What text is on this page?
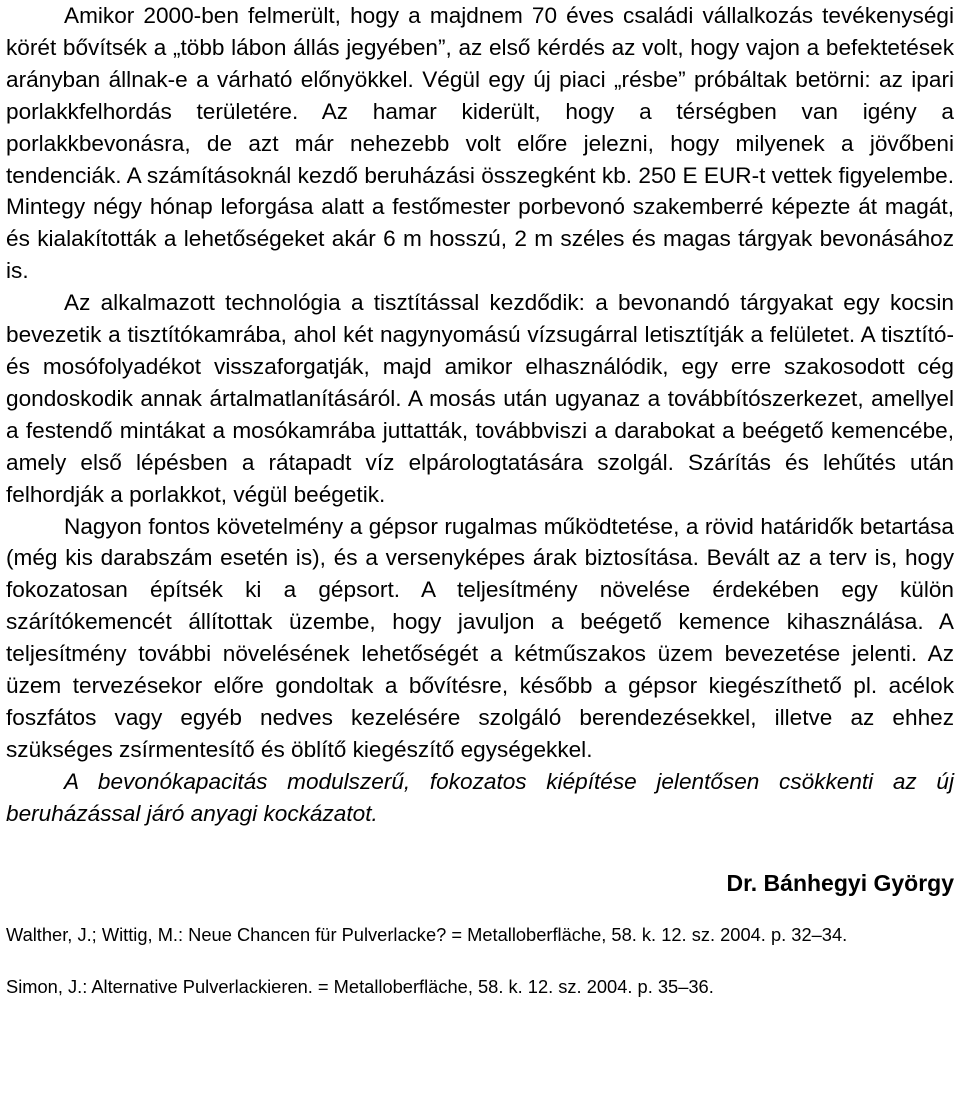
Amikor 2000-ben felmerült, hogy a majdnem 70 éves családi vállalkozás tevékenységi körét bővítsék a „több lábon állás jegyében”, az első kérdés az volt, hogy vajon a befektetések arányban állnak-e a várható előnyökkel. Végül egy új piaci „résbe” próbáltak betörni: az ipari porlakkfelhordás területére. Az hamar kiderült, hogy a térségben van igény a porlakkbevonásra, de azt már nehezebb volt előre jelezni, hogy milyenek a jövőbeni tendenciák. A számításoknál kezdő beruházási összegként kb. 250 E EUR-t vettek figyelembe. Mintegy négy hónap leforgása alatt a festőmester porbevonó szakemberré képezte át magát, és kialakították a lehetőségeket akár 6 m hosszú, 2 m széles és magas tárgyak bevonásához is.

Az alkalmazott technológia a tisztítással kezdődik: a bevonandó tárgyakat egy kocsin bevezetik a tisztítókamrába, ahol két nagynyomású vízsugárral letisztítják a felületet. A tisztító- és mosófolyadékot visszaforgatják, majd amikor elhasználódik, egy erre szakosodott cég gondoskodik annak ártalmatlanításáról. A mosás után ugyanaz a továbbítószerkezet, amellyel a festendő mintákat a mosókamrába juttatták, továbbviszi a darabokat a beégető kemencébe, amely első lépésben a rátapadt víz elpárologtatására szolgál. Szárítás és lehűtés után felhordják a porlakkot, végül beégetik.

Nagyon fontos követelmény a gépsor rugalmas működtetése, a rövid határidők betartása (még kis darabszám esetén is), és a versenyképes árak biztosítása. Bevált az a terv is, hogy fokozatosan építsék ki a gépsort. A teljesítmény növelése érdekében egy külön szárítókemencét állítottak üzembe, hogy javuljon a beégető kemence kihasználása. A teljesítmény további növelésének lehetőségét a kétműszakos üzem bevezetése jelenti. Az üzem tervezésekor előre gondoltak a bővítésre, később a gépsor kiegészíthető pl. acélok foszfátos vagy egyéb nedves kezelésére szolgáló berendezésekkel, illetve az ehhez szükséges zsírmentesítő és öblítő kiegészítő egységekkel.

A bevonókapacitás modulszerű, fokozatos kiépítése jelentősen csökkenti az új beruházással járó anyagi kockázatot.

Dr. Bánhegyi György

Walther, J.; Wittig, M.: Neue Chancen für Pulverlacke? = Metalloberfläche, 58. k. 12. sz. 2004. p. 32–34.

Simon, J.: Alternative Pulverlackieren. = Metalloberfläche, 58. k. 12. sz. 2004. p. 35–36.
